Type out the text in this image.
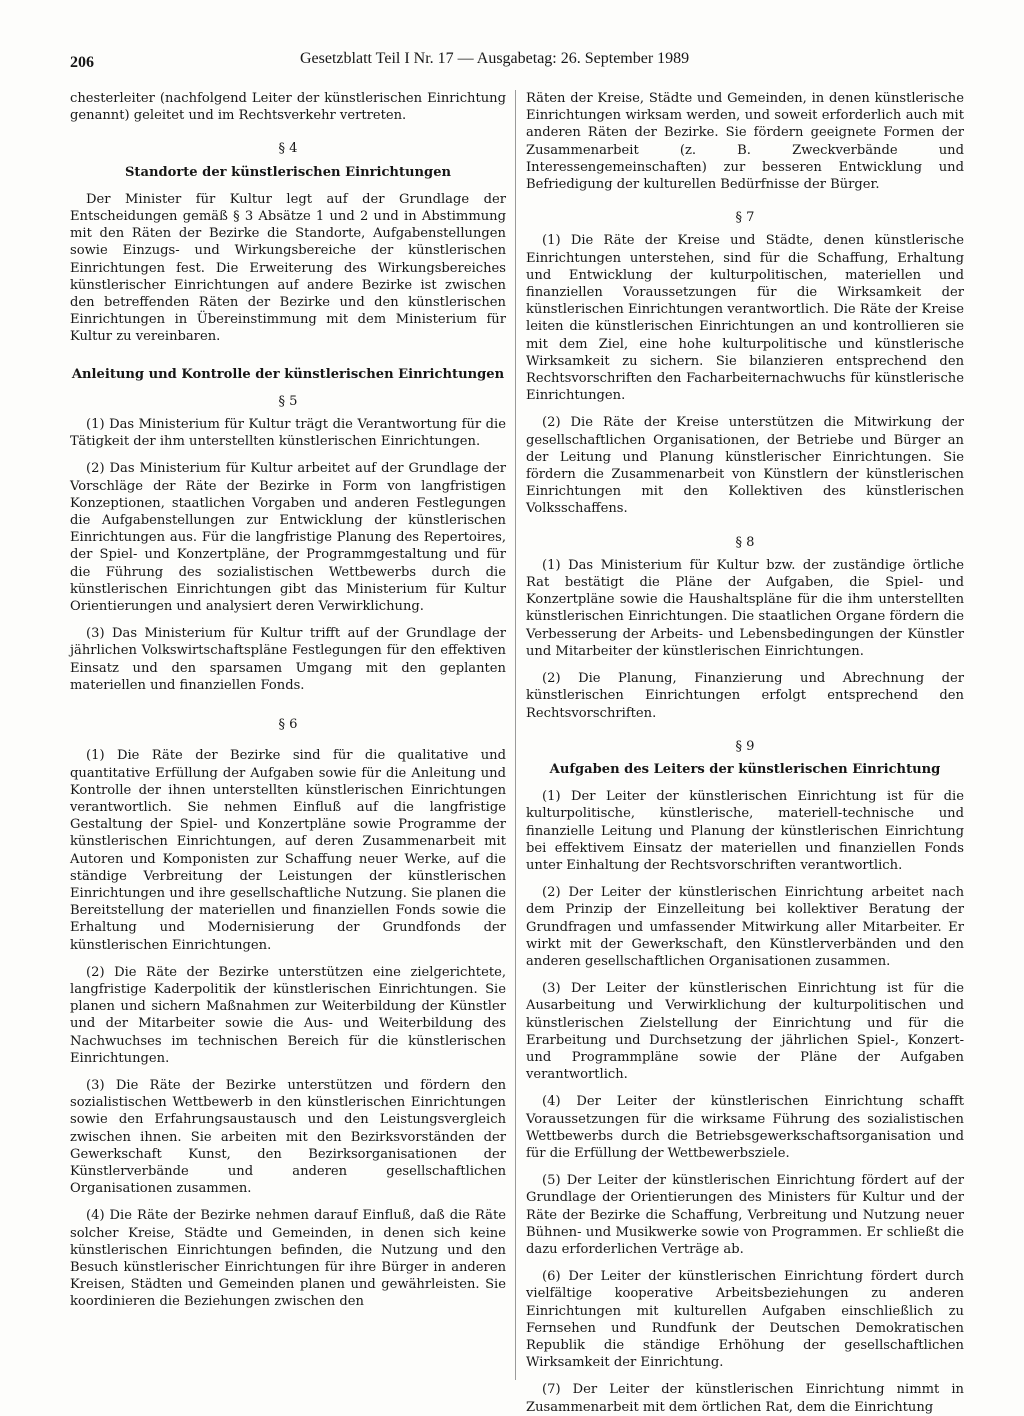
206	Gesetzblatt Teil I Nr. 17 — Ausgabetag: 26. September 1989

chesterleiter (nachfolgend Leiter der künstlerischen Einrichtung genannt) geleitet und im Rechtsverkehr vertreten.

§ 4
Standorte der künstlerischen Einrichtungen

Der Minister für Kultur legt auf der Grundlage der Entscheidungen gemäß § 3 Absätze 1 und 2 und in Abstimmung mit den Räten der Bezirke die Standorte, Aufgabenstellungen sowie Einzugs- und Wirkungsbereiche der künstlerischen Einrichtungen fest. Die Erweiterung des Wirkungsbereiches künstlerischer Einrichtungen auf andere Bezirke ist zwischen den betreffenden Räten der Bezirke und den künstlerischen Einrichtungen in Übereinstimmung mit dem Ministerium für Kultur zu vereinbaren.

Anleitung und Kontrolle der künstlerischen Einrichtungen
§ 5

(1) Das Ministerium für Kultur trägt die Verantwortung für die Tätigkeit der ihm unterstellten künstlerischen Einrichtungen.

(2) Das Ministerium für Kultur arbeitet auf der Grundlage der Vorschläge der Räte der Bezirke in Form von langfristigen Konzeptionen, staatlichen Vorgaben und anderen Festlegungen die Aufgabenstellungen zur Entwicklung der künstlerischen Einrichtungen aus. Für die langfristige Planung des Repertoires, der Spiel- und Konzertpläne, der Programmgestaltung und für die Führung des sozialistischen Wettbewerbs durch die künstlerischen Einrichtungen gibt das Ministerium für Kultur Orientierungen und analysiert deren Verwirklichung.

(3) Das Ministerium für Kultur trifft auf der Grundlage der jährlichen Volkswirtschaftspläne Festlegungen für den effektiven Einsatz und den sparsamen Umgang mit den geplanten materiellen und finanziellen Fonds.

§ 6

(1) Die Räte der Bezirke sind für die qualitative und quantitative Erfüllung der Aufgaben sowie für die Anleitung und Kontrolle der ihnen unterstellten künstlerischen Einrichtungen verantwortlich. Sie nehmen Einfluß auf die langfristige Gestaltung der Spiel- und Konzertpläne sowie Programme der künstlerischen Einrichtungen, auf deren Zusammenarbeit mit Autoren und Komponisten zur Schaffung neuer Werke, auf die ständige Verbreitung der Leistungen der künstlerischen Einrichtungen und ihre gesellschaftliche Nutzung. Sie planen die Bereitstellung der materiellen und finanziellen Fonds sowie die Erhaltung und Modernisierung der Grundfonds der künstlerischen Einrichtungen.

(2) Die Räte der Bezirke unterstützen eine zielgerichtete, langfristige Kaderpolitik der künstlerischen Einrichtungen. Sie planen und sichern Maßnahmen zur Weiterbildung der Künstler und der Mitarbeiter sowie die Aus- und Weiterbildung des Nachwuchses im technischen Bereich für die künstlerischen Einrichtungen.

(3) Die Räte der Bezirke unterstützen und fördern den sozialistischen Wettbewerb in den künstlerischen Einrichtungen sowie den Erfahrungsaustausch und den Leistungsvergleich zwischen ihnen. Sie arbeiten mit den Bezirksvorständen der Gewerkschaft Kunst, den Bezirksorganisationen der Künstlerverbände und anderen gesellschaftlichen Organisationen zusammen.

(4) Die Räte der Bezirke nehmen darauf Einfluß, daß die Räte solcher Kreise, Städte und Gemeinden, in denen sich keine künstlerischen Einrichtungen befinden, die Nutzung und den Besuch künstlerischer Einrichtungen für ihre Bürger in anderen Kreisen, Städten und Gemeinden planen und gewährleisten. Sie koordinieren die Beziehungen zwischen den

Räten der Kreise, Städte und Gemeinden, in denen künstlerische Einrichtungen wirksam werden, und soweit erforderlich auch mit anderen Räten der Bezirke. Sie fördern geeignete Formen der Zusammenarbeit (z. B. Zweckverbände und Interessengemeinschaften) zur besseren Entwicklung und Befriedigung der kulturellen Bedürfnisse der Bürger.

§ 7

(1) Die Räte der Kreise und Städte, denen künstlerische Einrichtungen unterstehen, sind für die Schaffung, Erhaltung und Entwicklung der kulturpolitischen, materiellen und finanziellen Voraussetzungen für die Wirksamkeit der künstlerischen Einrichtungen verantwortlich. Die Räte der Kreise leiten die künstlerischen Einrichtungen an und kontrollieren sie mit dem Ziel, eine hohe kulturpolitische und künstlerische Wirksamkeit zu sichern. Sie bilanzieren entsprechend den Rechtsvorschriften den Facharbeiternachwuchs für künstlerische Einrichtungen.

(2) Die Räte der Kreise unterstützen die Mitwirkung der gesellschaftlichen Organisationen, der Betriebe und Bürger an der Leitung und Planung künstlerischer Einrichtungen. Sie fördern die Zusammenarbeit von Künstlern der künstlerischen Einrichtungen mit den Kollektiven des künstlerischen Volksschaffens.

§ 8

(1) Das Ministerium für Kultur bzw. der zuständige örtliche Rat bestätigt die Pläne der Aufgaben, die Spiel- und Konzertpläne sowie die Haushaltspläne für die ihm unterstellten künstlerischen Einrichtungen. Die staatlichen Organe fördern die Verbesserung der Arbeits- und Lebensbedingungen der Künstler und Mitarbeiter der künstlerischen Einrichtungen.

(2) Die Planung, Finanzierung und Abrechnung der künstlerischen Einrichtungen erfolgt entsprechend den Rechtsvorschriften.

§ 9
Aufgaben des Leiters der künstlerischen Einrichtung

(1) Der Leiter der künstlerischen Einrichtung ist für die kulturpolitische, künstlerische, materiell-technische und finanzielle Leitung und Planung der künstlerischen Einrichtung bei effektivem Einsatz der materiellen und finanziellen Fonds unter Einhaltung der Rechtsvorschriften verantwortlich.

(2) Der Leiter der künstlerischen Einrichtung arbeitet nach dem Prinzip der Einzelleitung bei kollektiver Beratung der Grundfragen und umfassender Mitwirkung aller Mitarbeiter. Er wirkt mit der Gewerkschaft, den Künstlerverbänden und den anderen gesellschaftlichen Organisationen zusammen.

(3) Der Leiter der künstlerischen Einrichtung ist für die Ausarbeitung und Verwirklichung der kulturpolitischen und künstlerischen Zielstellung der Einrichtung und für die Erarbeitung und Durchsetzung der jährlichen Spiel-, Konzert- und Programmpläne sowie der Pläne der Aufgaben verantwortlich.

(4) Der Leiter der künstlerischen Einrichtung schafft Voraussetzungen für die wirksame Führung des sozialistischen Wettbewerbs durch die Betriebsgewerkschaftsorganisation und für die Erfüllung der Wettbewerbsziele.

(5) Der Leiter der künstlerischen Einrichtung fördert auf der Grundlage der Orientierungen des Ministers für Kultur und der Räte der Bezirke die Schaffung, Verbreitung und Nutzung neuer Bühnen- und Musikwerke sowie von Programmen. Er schließt die dazu erforderlichen Verträge ab.

(6) Der Leiter der künstlerischen Einrichtung fördert durch vielfältige kooperative Arbeitsbeziehungen zu anderen Einrichtungen mit kulturellen Aufgaben einschließlich zu Fernsehen und Rundfunk der Deutschen Demokratischen Republik die ständige Erhöhung der gesellschaftlichen Wirksamkeit der Einrichtung.

(7) Der Leiter der künstlerischen Einrichtung nimmt in Zusammenarbeit mit dem örtlichen Rat, dem die Einrichtung
